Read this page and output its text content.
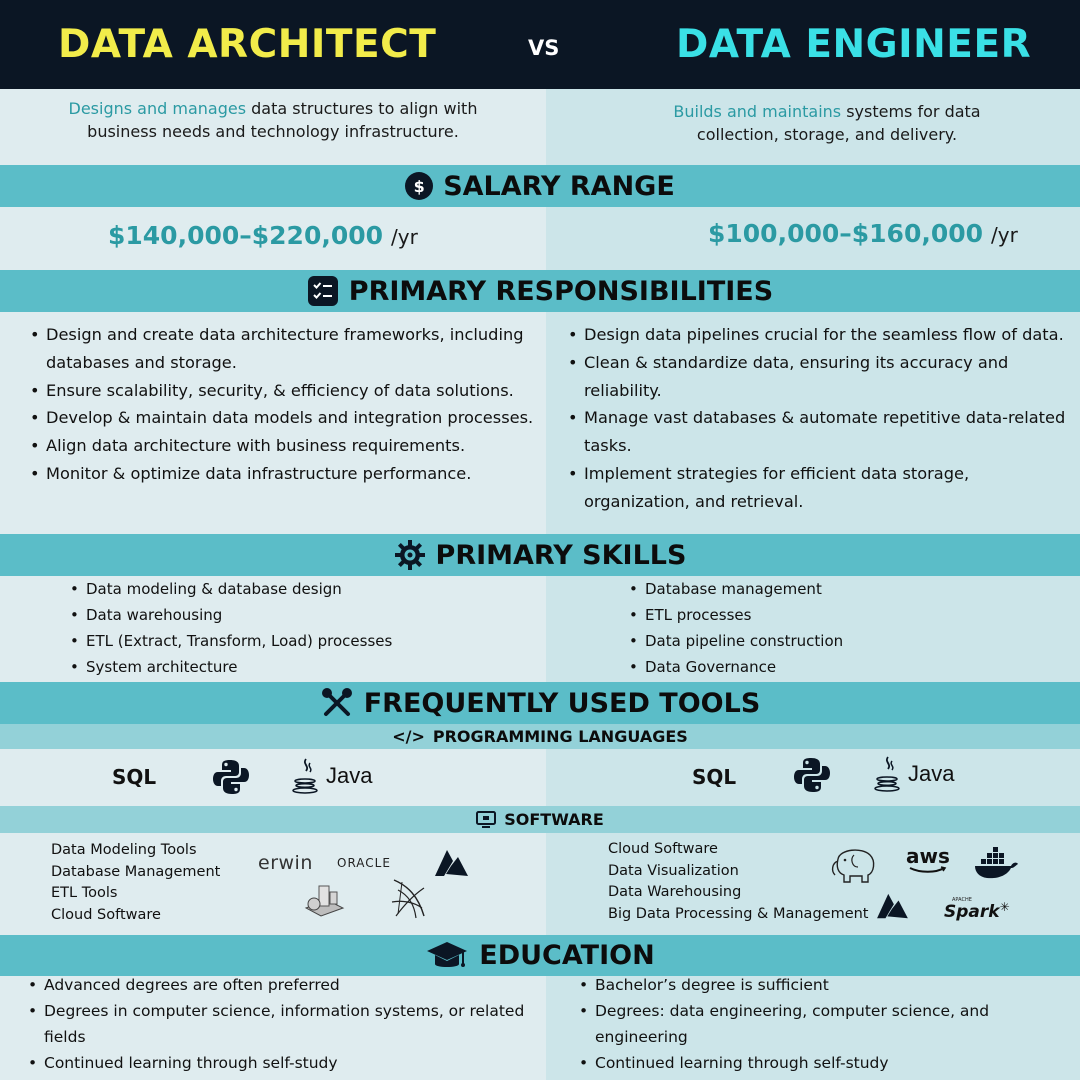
DATA ARCHITECT	VS	DATA ENGINEER
Designs and manages data structures to align with
business needs and technology infrastructure.
Builds and maintains systems for data
collection, storage, and delivery.
$ SALARY RANGE
$140,000–$220,000 /yr	$100,000–$160,000 /yr
PRIMARY RESPONSIBILITIES
• Design and create data architecture frameworks, including databases and storage.
• Ensure scalability, security, & efficiency of data solutions.
• Develop & maintain data models and integration processes.
• Align data architecture with business requirements.
• Monitor & optimize data infrastructure performance.
• Design data pipelines crucial for the seamless flow of data.
• Clean & standardize data, ensuring its accuracy and reliability.
• Manage vast databases & automate repetitive data-related tasks.
• Implement strategies for efficient data storage, organization, and retrieval.
PRIMARY SKILLS
• Data modeling & database design
• Data warehousing
• ETL (Extract, Transform, Load) processes
• System architecture
• Database management
• ETL processes
• Data pipeline construction
• Data Governance
FREQUENTLY USED TOOLS
</> PROGRAMMING LANGUAGES
SQL	Java	SQL	Java
SOFTWARE
Data Modeling Tools
Database Management
ETL Tools
Cloud Software
erwin ORACLE
Cloud Software
Data Visualization
Data Warehousing
Big Data Processing & Management
aws
APACHE
Spark ✳
EDUCATION
• Advanced degrees are often preferred
• Degrees in computer science, information systems, or related fields
• Continued learning through self-study
• Bachelor’s degree is sufficient
• Degrees: data engineering, computer science, and engineering
• Continued learning through self-study
